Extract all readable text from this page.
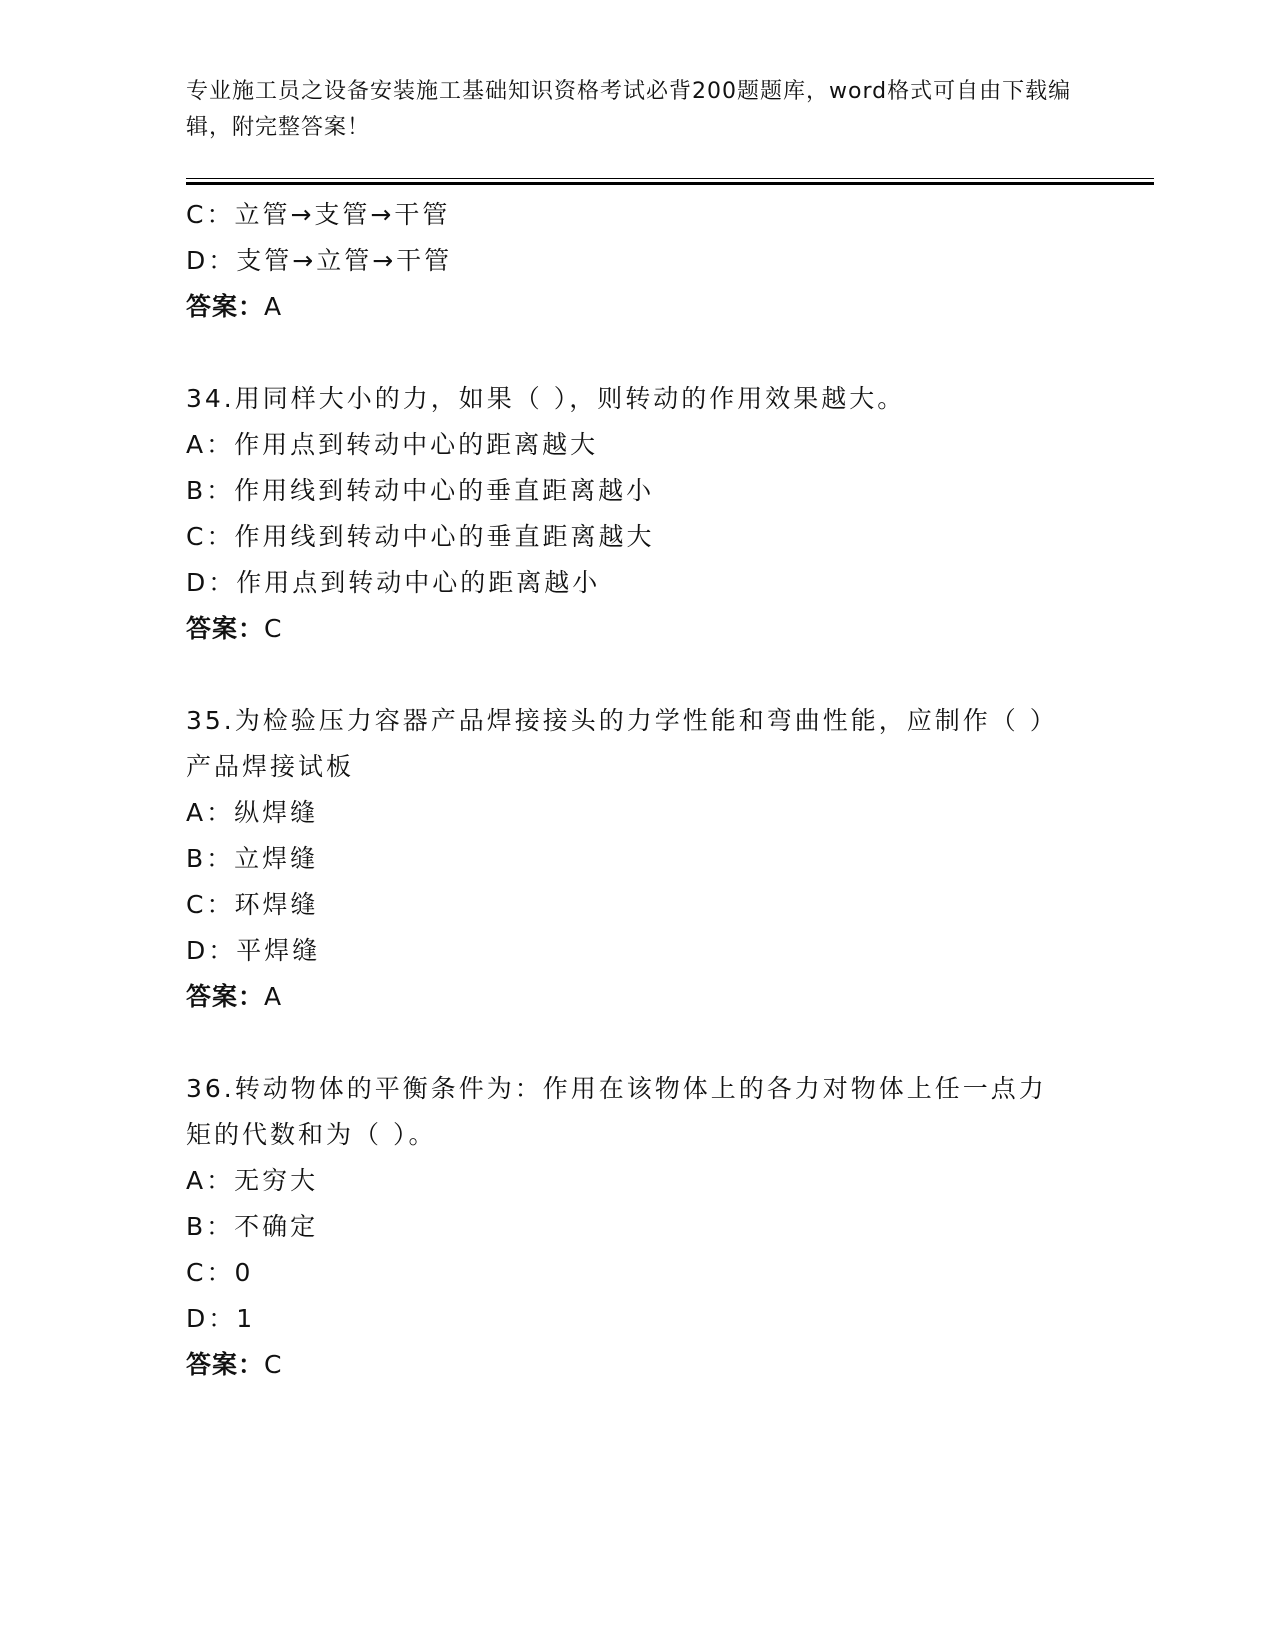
专业施工员之设备安装施工基础知识资格考试必背200题题库，word格式可自由下载编辑，附完整答案！
C：立管→支管→干管
D：支管→立管→干管
答案：A
34.用同样大小的力，如果（ ），则转动的作用效果越大。
A：作用点到转动中心的距离越大
B：作用线到转动中心的垂直距离越小
C：作用线到转动中心的垂直距离越大
D：作用点到转动中心的距离越小
答案：C
35.为检验压力容器产品焊接接头的力学性能和弯曲性能，应制作（ ）产品焊接试板
A：纵焊缝
B：立焊缝
C：环焊缝
D：平焊缝
答案：A
36.转动物体的平衡条件为：作用在该物体上的各力对物体上任一点力矩的代数和为（ ）。
A：无穷大
B：不确定
C：0
D：1
答案：C
